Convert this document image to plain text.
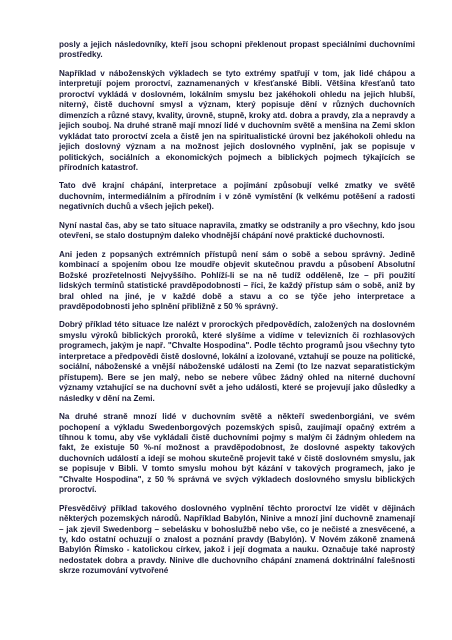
posly a jejich následovníky, kteří jsou schopni překlenout propast speciálními duchovními prostředky.

Například v náboženských výkladech se tyto extrémy spatřují v tom, jak lidé chápou a interpretují pojem proroctví, zaznamenaných v křesťanské Bibli. Většina křesťanů tato proroctví vykládá v doslovném, lokálním smyslu bez jakéhokoli ohledu na jejich hlubší, niterný, čistě duchovní smysl a význam, který popisuje dění v různých duchovních dimenzích a různé stavy, kvality, úrovně, stupně, kroky atd. dobra a pravdy, zla a nepravdy a jejich souboj. Na druhé straně mají mnozí lidé v duchovním světě a menšina na Zemi sklon vykládat tato proroctví zcela a čistě jen na spiritualistické úrovni bez jakéhokoli ohledu na jejich doslovný význam a na možnost jejich doslovného vyplnění, jak se popisuje v politických, sociálních a ekonomických pojmech a biblických pojmech týkajících se přírodních katastrof.

Tato dvě krajní chápání, interpretace a pojímání způsobují velké zmatky ve světě duchovním, intermediálním a přírodním i v zóně vymístění (k velkému potěšení a radosti negativních duchů a všech jejich pekel).

Nyní nastal čas, aby se tato situace napravila, zmatky se odstranily a pro všechny, kdo jsou otevřeni, se stalo dostupným daleko vhodnější chápání nové praktické duchovnosti.

Ani jeden z popsaných extrémních přístupů není sám o sobě a sebou správný. Jedině kombinací a spojením obou lze moudře objevit skutečnou pravdu a působení Absolutní Božské prozřetelnosti Nejvyššího. Pohlíží-li se na ně tudíž odděleně, lze – při použití lidských termínů statistické pravděpodobnosti – říci, že každý přístup sám o sobě, aniž by bral ohled na jiné, je v každé době a stavu a co se týče jeho interpretace a pravděpodobnosti jeho splnění přibližně z 50 % správný.

Dobrý příklad této situace lze nalézt v prorockých předpovědích, založených na doslovném smyslu výroků biblických proroků, které slyšíme a vidíme v televizních či rozhlasových programech, jakým je např. "Chvalte Hospodina". Podle těchto programů jsou všechny tyto interpretace a předpovědi čistě doslovné, lokální a izolované, vztahují se pouze na politické, sociální, náboženské a vnější náboženské události na Zemi (to lze nazvat separatistickým přístupem). Bere se jen malý, nebo se nebere vůbec žádný ohled na niterné duchovní významy vztahující se na duchovní svět a jeho události, které se projevují jako důsledky a následky v dění na Zemi.

Na druhé straně mnozí lidé v duchovním světě a někteří swedenborgiáni, ve svém pochopení a výkladu Swedenborgových pozemských spisů, zaujímají opačný extrém a tíhnou k tomu, aby vše vykládali čistě duchovními pojmy s malým či žádným ohledem na fakt, že existuje 50 %-ní možnost a pravděpodobnost, že doslovné aspekty takových duchovních událostí a idejí se mohou skutečně projevit také v čistě doslovném smyslu, jak se popisuje v Bibli. V tomto smyslu mohou být kázání v takových programech, jako je "Chvalte Hospodina", z 50 % správná ve svých výkladech doslovného smyslu biblických proroctví.

Přesvědčivý příklad takového doslovného vyplnění těchto proroctví lze vidět v dějinách některých pozemských národů. Například Babylón, Ninive a mnozí jiní duchovně znamenají – jak zjevil Swedenborg – sebelásku v bohoslužbě nebo vše, co je nečisté a znesvěcené, a ty, kdo ostatní ochuzují o znalost a poznání pravdy (Babylón). V Novém zákoně znamená Babylón Římsko - katolickou církev, jakož i její dogmata a nauku. Označuje také naprostý nedostatek dobra a pravdy. Ninive dle duchovního chápání znamená doktrinální falešnosti skrze rozumování vytvořené
